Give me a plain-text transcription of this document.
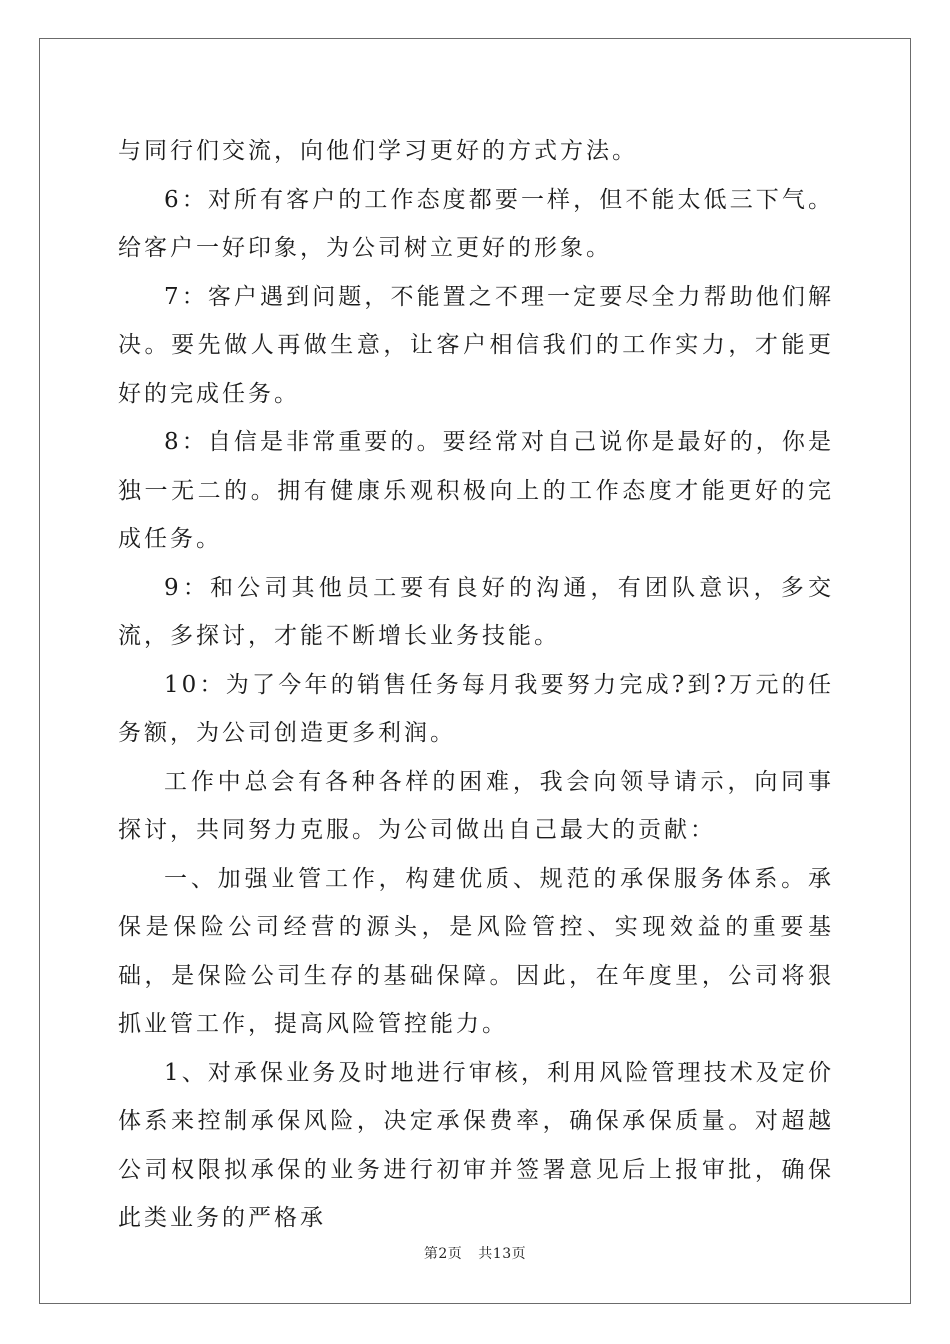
与同行们交流，向他们学习更好的方式方法。

6：对所有客户的工作态度都要一样，但不能太低三下气。给客户一好印象，为公司树立更好的形象。

7：客户遇到问题，不能置之不理一定要尽全力帮助他们解决。要先做人再做生意，让客户相信我们的工作实力，才能更好的完成任务。

8：自信是非常重要的。要经常对自己说你是最好的，你是独一无二的。拥有健康乐观积极向上的工作态度才能更好的完成任务。

9：和公司其他员工要有良好的沟通，有团队意识，多交流，多探讨，才能不断增长业务技能。

10：为了今年的销售任务每月我要努力完成?到?万元的任务额，为公司创造更多利润。

工作中总会有各种各样的困难，我会向领导请示，向同事探讨，共同努力克服。为公司做出自己最大的贡献：

一、加强业管工作，构建优质、规范的承保服务体系。承保是保险公司经营的源头，是风险管控、实现效益的重要基础，是保险公司生存的基础保障。因此，在年度里，公司将狠抓业管工作，提高风险管控能力。

1、对承保业务及时地进行审核，利用风险管理技术及定价体系来控制承保风险，决定承保费率，确保承保质量。对超越公司权限拟承保的业务进行初审并签署意见后上报审批，确保此类业务的严格承

第2页 共13页
